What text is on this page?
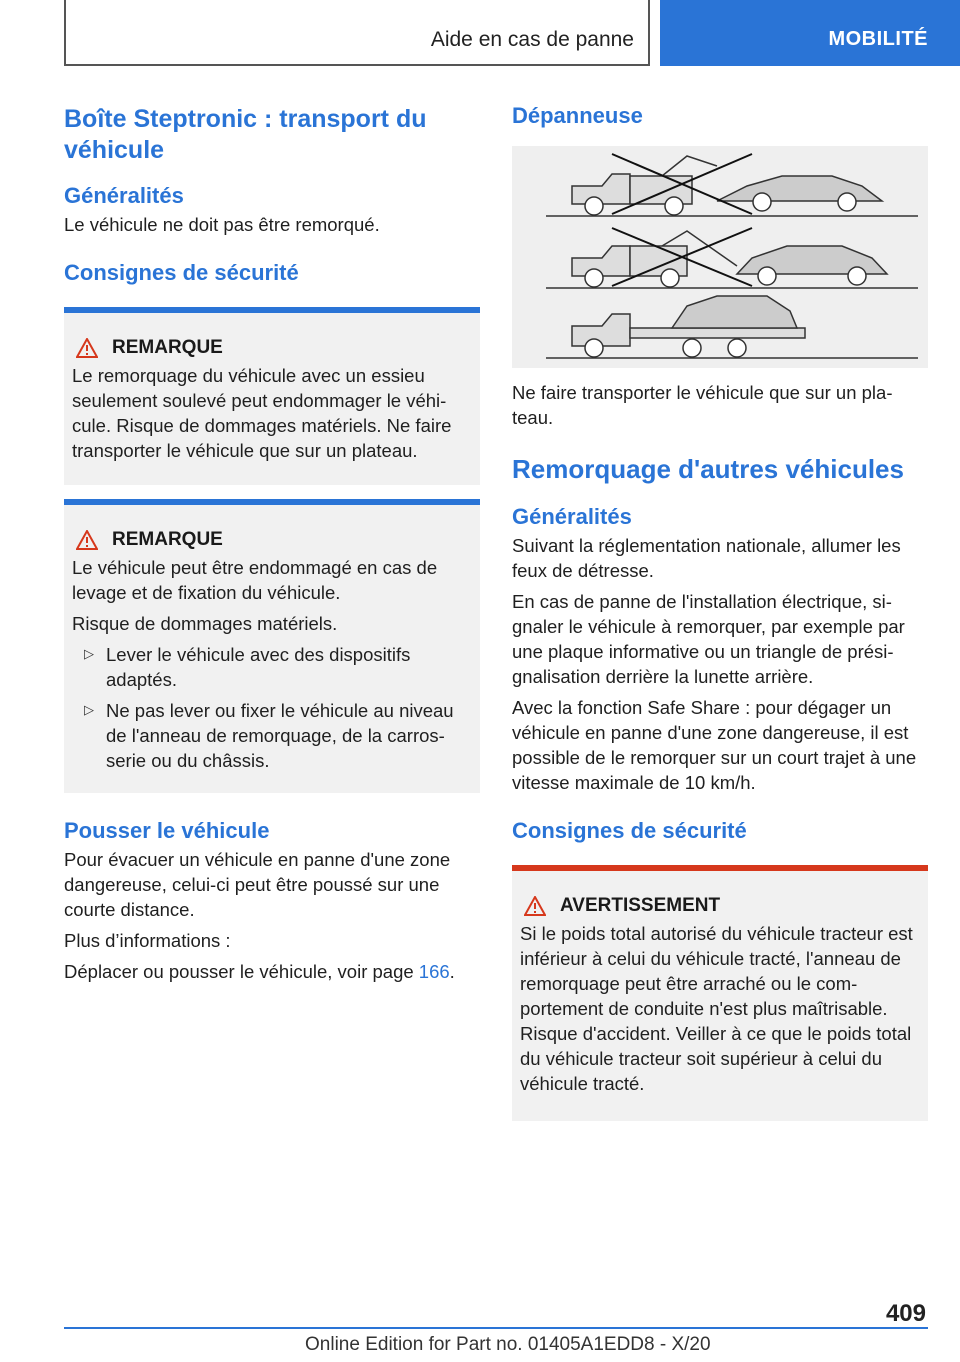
Aide en cas de panne	MOBILITÉ
Boîte Steptronic : transport du véhicule
Généralités

Le véhicule ne doit pas être remorqué.

Consignes de sécurité
REMARQUE

Le remorquage du véhicule avec un essieu seulement soulevé peut endommager le véhi-cule. Risque de dommages matériels. Ne faire transporter le véhicule que sur un plateau.

REMARQUE

Le véhicule peut être endommagé en cas de levage et de fixation du véhicule.

Risque de dommages matériels.

▷ Lever le véhicule avec des dispositifs adaptés.

▷ Ne pas lever ou fixer le véhicule au niveau de l'anneau de remorquage, de la carros-serie ou du châssis.

Pousser le véhicule

Pour évacuer un véhicule en panne d'une zone dangereuse, celui-ci peut être poussé sur une courte distance.

Plus d’informations :

Déplacer ou pousser le véhicule, voir page 166.

Dépanneuse

Ne faire transporter le véhicule que sur un pla-teau.

Remorquage d'autres véhicules
Généralités

Suivant la réglementation nationale, allumer les feux de détresse.

En cas de panne de l'installation électrique, si-gnaler le véhicule à remorquer, par exemple par une plaque informative ou un triangle de prési-gnalisation derrière la lunette arrière.

Avec la fonction Safe Share : pour dégager un véhicule en panne d'une zone dangereuse, il est possible de le remorquer sur un court trajet à une vitesse maximale de 10 km/h.

Consignes de sécurité
AVERTISSEMENT

Si le poids total autorisé du véhicule tracteur est inférieur à celui du véhicule tracté, l'anneau de remorquage peut être arraché ou le com-portement de conduite n'est plus maîtrisable. Risque d'accident. Veiller à ce que le poids total du véhicule tracteur soit supérieur à celui du véhicule tracté.

409
Online Edition for Part no. 01405A1EDD8 - X/20
